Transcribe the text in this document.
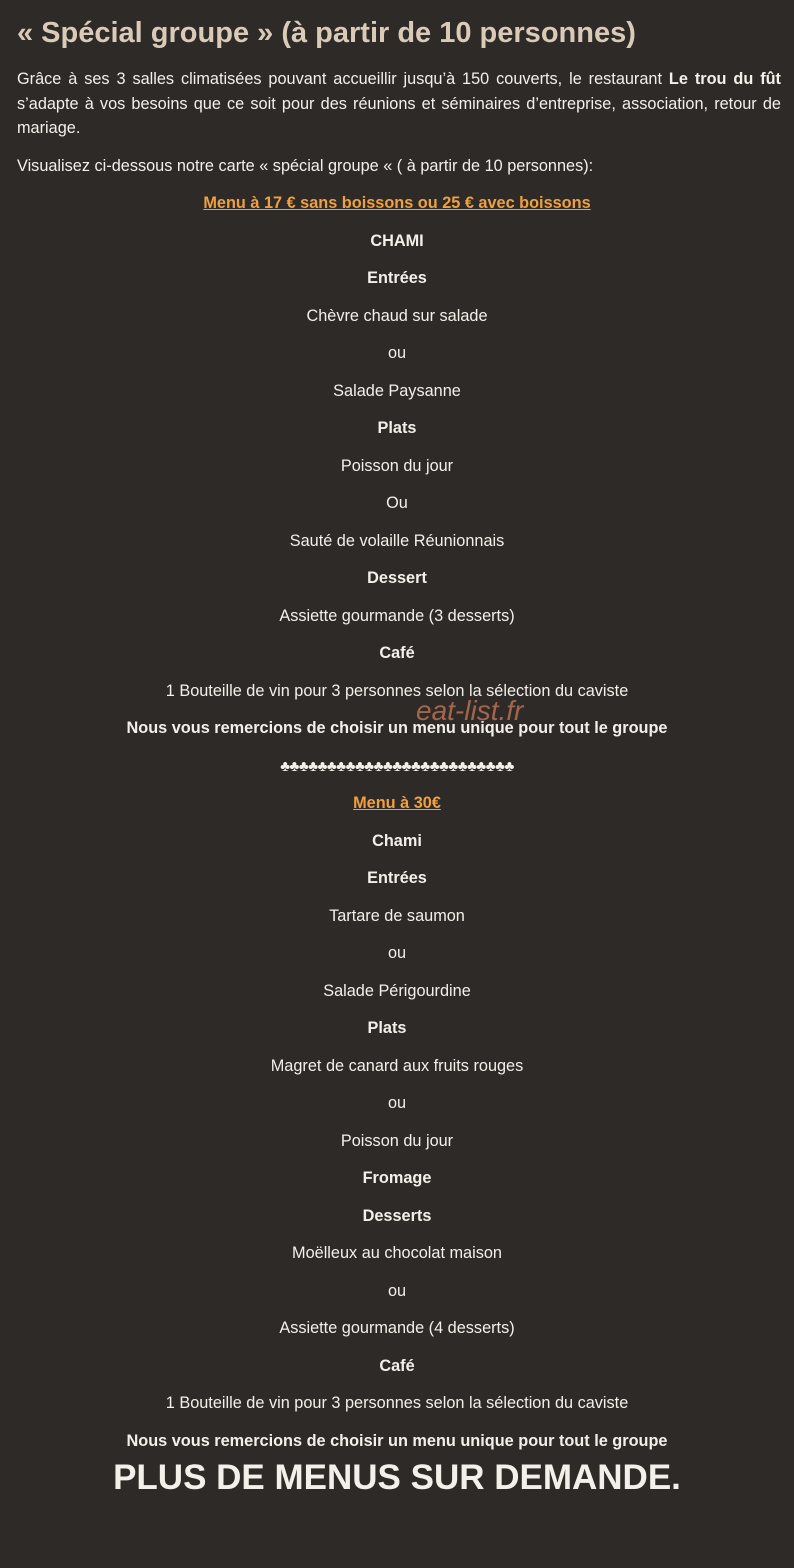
« Spécial groupe » (à partir de 10 personnes)

Grâce à ses 3 salles climatisées pouvant accueillir jusqu’à 150 couverts, le restaurant Le trou du fût s’adapte à vos besoins que ce soit pour des réunions et séminaires d’entreprise, association, retour de mariage.

Visualisez ci-dessous notre carte « spécial groupe « ( à partir de 10 personnes):

Menu à 17 € sans boissons ou 25 € avec boissons

CHAMI

Entrées

Chèvre chaud sur salade

ou

Salade Paysanne

Plats

Poisson du jour

Ou

Sauté de volaille Réunionnais

Dessert

Assiette gourmande (3 desserts)

Café

1 Bouteille de vin pour 3 personnes selon la sélection du caviste

Nous vous remercions de choisir un menu unique pour tout le groupe

eat-list.fr

♣♣♣♣♣♣♣♣♣♣♣♣♣♣♣♣♣♣♣♣♣♣♣♣♣

Menu à 30€

Chami

Entrées

Tartare de saumon

ou

Salade Périgourdine

Plats

Magret de canard aux fruits rouges

ou

Poisson du jour

Fromage

Desserts

Moëlleux au chocolat maison

ou

Assiette gourmande (4 desserts)

Café

1 Bouteille de vin pour 3 personnes selon la sélection du caviste

Nous vous remercions de choisir un menu unique pour tout le groupe

PLUS DE MENUS SUR DEMANDE.
